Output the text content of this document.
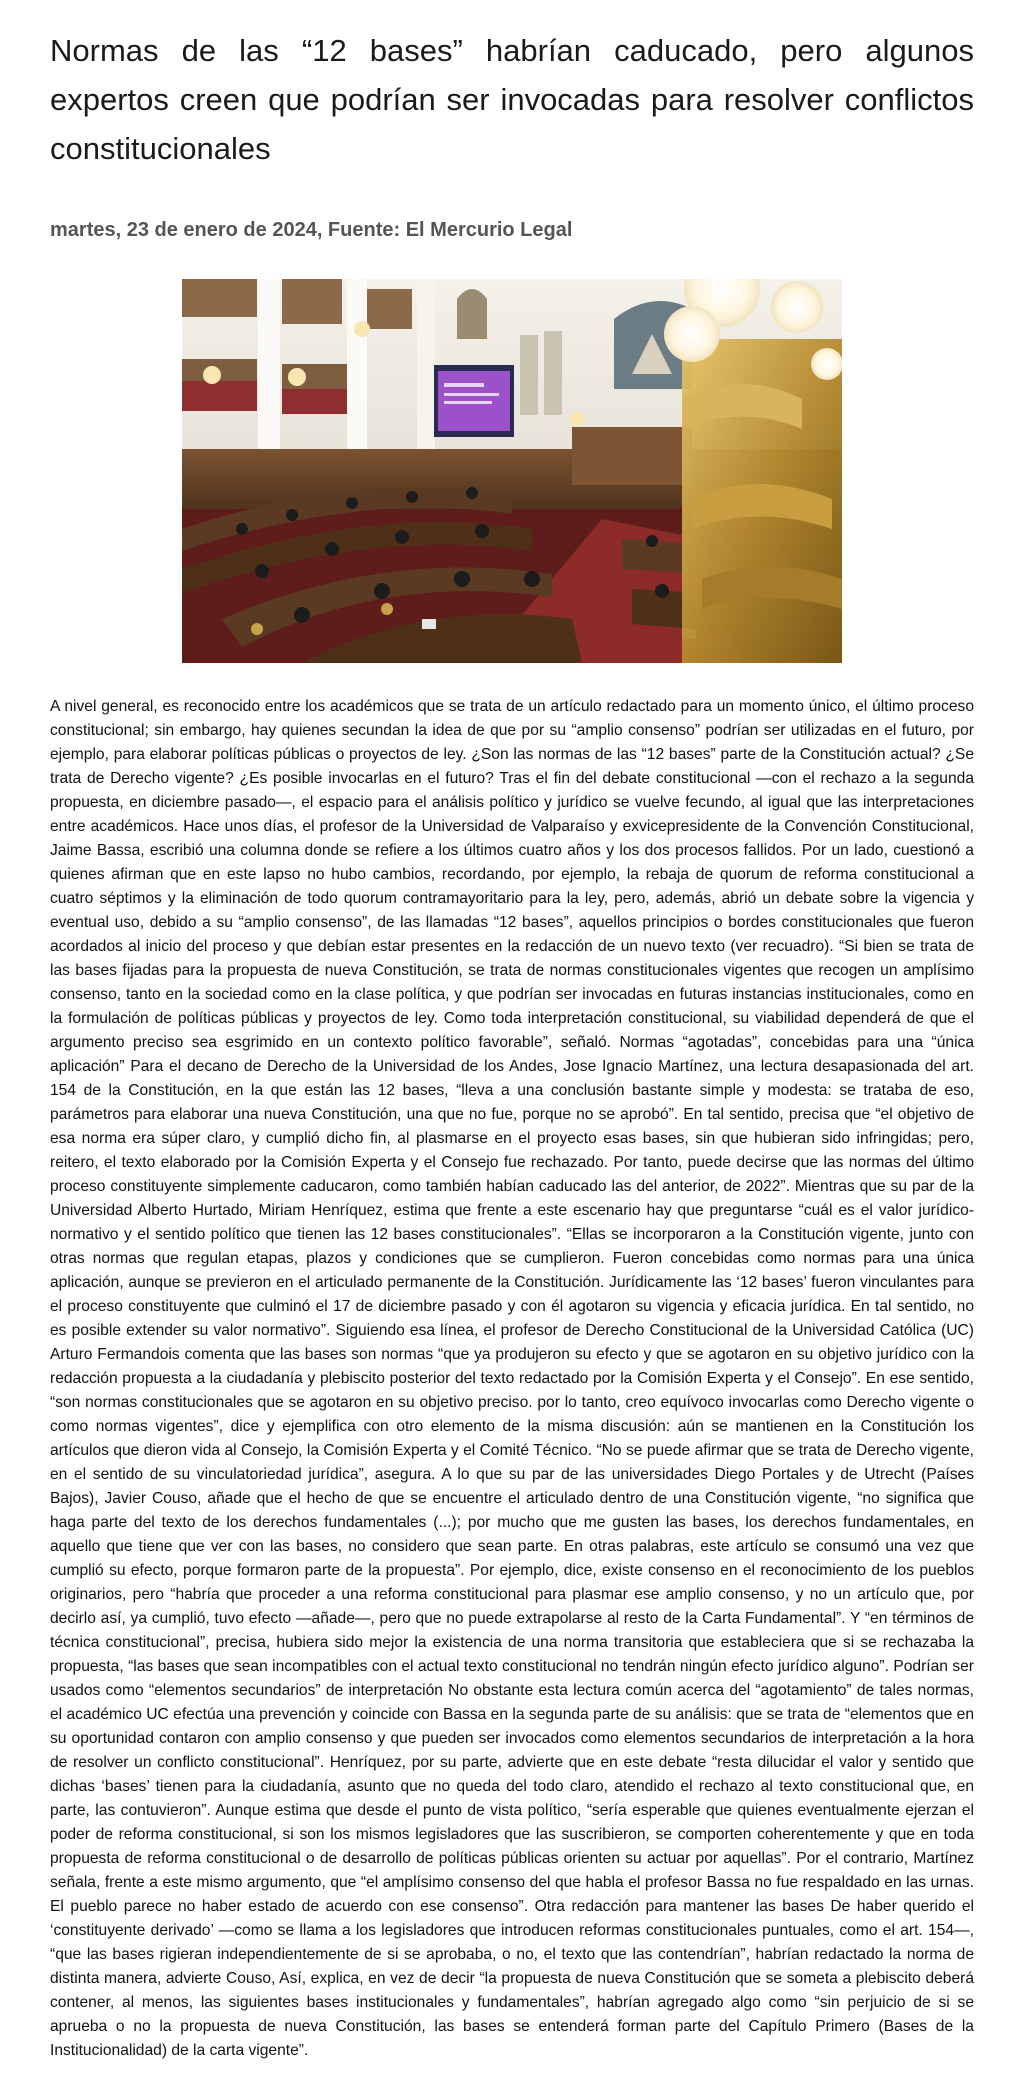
Normas de las “12 bases” habrían caducado, pero algunos expertos creen que podrían ser invocadas para resolver conflictos constitucionales
martes, 23 de enero de 2024, Fuente: El Mercurio Legal

A nivel general, es reconocido entre los académicos que se trata de un artículo redactado para un momento único, el último proceso constitucional; sin embargo, hay quienes secundan la idea de que por su “amplio consenso” podrían ser utilizadas en el futuro, por ejemplo, para elaborar políticas públicas o proyectos de ley. ¿Son las normas de las “12 bases” parte de la Constitución actual? ¿Se trata de Derecho vigente? ¿Es posible invocarlas en el futuro? Tras el fin del debate constitucional —con el rechazo a la segunda propuesta, en diciembre pasado—, el espacio para el análisis político y jurídico se vuelve fecundo, al igual que las interpretaciones entre académicos. Hace unos días, el profesor de la Universidad de Valparaíso y exvicepresidente de la Convención Constitucional, Jaime Bassa, escribió una columna donde se refiere a los últimos cuatro años y los dos procesos fallidos. Por un lado, cuestionó a quienes afirman que en este lapso no hubo cambios, recordando, por ejemplo, la rebaja de quorum de reforma constitucional a cuatro séptimos y la eliminación de todo quorum contramayoritario para la ley, pero, además, abrió un debate sobre la vigencia y eventual uso, debido a su “amplio consenso”, de las llamadas “12 bases”, aquellos principios o bordes constitucionales que fueron acordados al inicio del proceso y que debían estar presentes en la redacción de un nuevo texto (ver recuadro). “Si bien se trata de las bases fijadas para la propuesta de nueva Constitución, se trata de normas constitucionales vigentes que recogen un amplísimo consenso, tanto en la sociedad como en la clase política, y que podrían ser invocadas en futuras instancias institucionales, como en la formulación de políticas públicas y proyectos de ley. Como toda interpretación constitucional, su viabilidad dependerá de que el argumento preciso sea esgrimido en un contexto político favorable”, señaló. Normas “agotadas”, concebidas para una “única aplicación” Para el decano de Derecho de la Universidad de los Andes, Jose Ignacio Martínez, una lectura desapasionada del art. 154 de la Constitución, en la que están las 12 bases, “lleva a una conclusión bastante simple y modesta: se trataba de eso, parámetros para elaborar una nueva Constitución, una que no fue, porque no se aprobó”. En tal sentido, precisa que “el objetivo de esa norma era súper claro, y cumplió dicho fin, al plasmarse en el proyecto esas bases, sin que hubieran sido infringidas; pero, reitero, el texto elaborado por la Comisión Experta y el Consejo fue rechazado. Por tanto, puede decirse que las normas del último proceso constituyente simplemente caducaron, como también habían caducado las del anterior, de 2022”. Mientras que su par de la Universidad Alberto Hurtado, Miriam Henríquez, estima que frente a este escenario hay que preguntarse “cuál es el valor jurídico-normativo y el sentido político que tienen las 12 bases constitucionales”. “Ellas se incorporaron a la Constitución vigente, junto con otras normas que regulan etapas, plazos y condiciones que se cumplieron. Fueron concebidas como normas para una única aplicación, aunque se previeron en el articulado permanente de la Constitución. Jurídicamente las ‘12 bases’ fueron vinculantes para el proceso constituyente que culminó el 17 de diciembre pasado y con él agotaron su vigencia y eficacia jurídica. En tal sentido, no es posible extender su valor normativo”. Siguiendo esa línea, el profesor de Derecho Constitucional de la Universidad Católica (UC) Arturo Fermandois comenta que las bases son normas “que ya produjeron su efecto y que se agotaron en su objetivo jurídico con la redacción propuesta a la ciudadanía y plebiscito posterior del texto redactado por la Comisión Experta y el Consejo”. En ese sentido, “son normas constitucionales que se agotaron en su objetivo preciso. por lo tanto, creo equívoco invocarlas como Derecho vigente o como normas vigentes”, dice y ejemplifica con otro elemento de la misma discusión: aún se mantienen en la Constitución los artículos que dieron vida al Consejo, la Comisión Experta y el Comité Técnico. “No se puede afirmar que se trata de Derecho vigente, en el sentido de su vinculatoriedad jurídica”, asegura. A lo que su par de las universidades Diego Portales y de Utrecht (Países Bajos), Javier Couso, añade que el hecho de que se encuentre el articulado dentro de una Constitución vigente, “no significa que haga parte del texto de los derechos fundamentales (...); por mucho que me gusten las bases, los derechos fundamentales, en aquello que tiene que ver con las bases, no considero que sean parte. En otras palabras, este artículo se consumó una vez que cumplió su efecto, porque formaron parte de la propuesta”. Por ejemplo, dice, existe consenso en el reconocimiento de los pueblos originarios, pero “habría que proceder a una reforma constitucional para plasmar ese amplio consenso, y no un artículo que, por decirlo así, ya cumplió, tuvo efecto —añade—, pero que no puede extrapolarse al resto de la Carta Fundamental”. Y “en términos de técnica constitucional”, precisa, hubiera sido mejor la existencia de una norma transitoria que estableciera que si se rechazaba la propuesta, “las bases que sean incompatibles con el actual texto constitucional no tendrán ningún efecto jurídico alguno”. Podrían ser usados como “elementos secundarios” de interpretación No obstante esta lectura común acerca del “agotamiento” de tales normas, el académico UC efectúa una prevención y coincide con Bassa en la segunda parte de su análisis: que se trata de “elementos que en su oportunidad contaron con amplio consenso y que pueden ser invocados como elementos secundarios de interpretación a la hora de resolver un conflicto constitucional”. Henríquez, por su parte, advierte que en este debate “resta dilucidar el valor y sentido que dichas ‘bases’ tienen para la ciudadanía, asunto que no queda del todo claro, atendido el rechazo al texto constitucional que, en parte, las contuvieron”. Aunque estima que desde el punto de vista político, “sería esperable que quienes eventualmente ejerzan el poder de reforma constitucional, si son los mismos legisladores que las suscribieron, se comporten coherentemente y que en toda propuesta de reforma constitucional o de desarrollo de políticas públicas orienten su actuar por aquellas”. Por el contrario, Martínez señala, frente a este mismo argumento, que “el amplísimo consenso del que habla el profesor Bassa no fue respaldado en las urnas. El pueblo parece no haber estado de acuerdo con ese consenso”. Otra redacción para mantener las bases De haber querido el ‘constituyente derivado’ —como se llama a los legisladores que introducen reformas constitucionales puntuales, como el art. 154—, “que las bases rigieran independientemente de si se aprobaba, o no, el texto que las contendrían”, habrían redactado la norma de distinta manera, advierte Couso, Así, explica, en vez de decir “la propuesta de nueva Constitución que se someta a plebiscito deberá contener, al menos, las siguientes bases institucionales y fundamentales”, habrían agregado algo como “sin perjuicio de si se aprueba o no la propuesta de nueva Constitución, las bases se entenderá forman parte del Capítulo Primero (Bases de la Institucionalidad) de la carta vigente”.
